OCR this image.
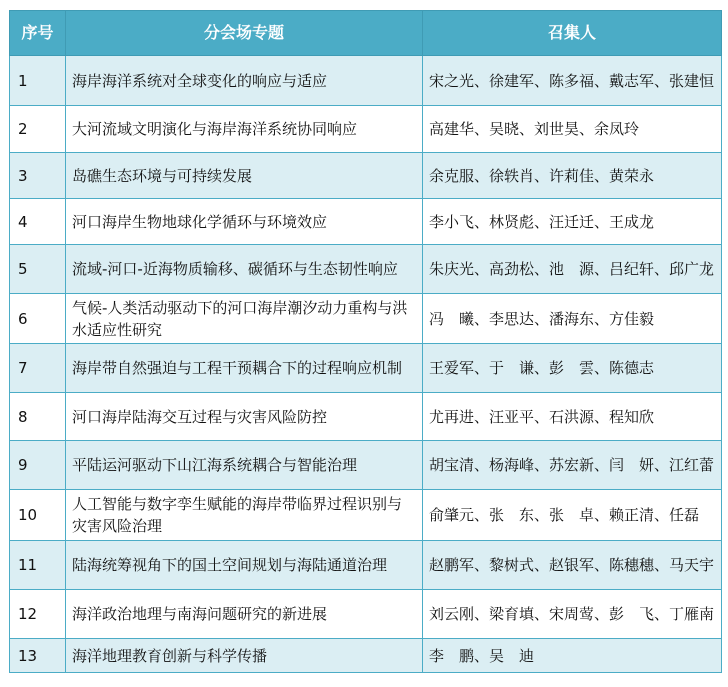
序号	分会场专题	召集人
1	海岸海洋系统对全球变化的响应与适应	宋之光、徐建军、陈多福、戴志军、张建恒
2	大河流域文明演化与海岸海洋系统协同响应	高建华、吴晓、刘世昊、余凤玲
3	岛礁生态环境与可持续发展	余克服、徐轶肖、许莉佳、黄荣永
4	河口海岸生物地球化学循环与环境效应	李小飞、林贤彪、汪迁迁、王成龙
5	流域-河口-近海物质输移、碳循环与生态韧性响应	朱庆光、高劲松、池　源、吕纪轩、邱广龙
6	气候-人类活动驱动下的河口海岸潮汐动力重构与洪水适应性研究	冯　曦、李思达、潘海东、方佳毅
7	海岸带自然强迫与工程干预耦合下的过程响应机制	王爱军、于　谦、彭　雲、陈德志
8	河口海岸陆海交互过程与灾害风险防控	尤再进、汪亚平、石洪源、程知欣
9	平陆运河驱动下山江海系统耦合与智能治理	胡宝清、杨海峰、苏宏新、闫　妍、江红蕾
10	人工智能与数字孪生赋能的海岸带临界过程识别与灾害风险治理	俞肇元、张　东、张　卓、赖正清、任磊
11	陆海统筹视角下的国土空间规划与海陆通道治理	赵鹏军、黎树式、赵银军、陈穗穗、马天宇
12	海洋政治地理与南海问题研究的新进展	刘云刚、梁育填、宋周莺、彭　飞、丁雁南
13	海洋地理教育创新与科学传播	李　鹏、吴　迪
